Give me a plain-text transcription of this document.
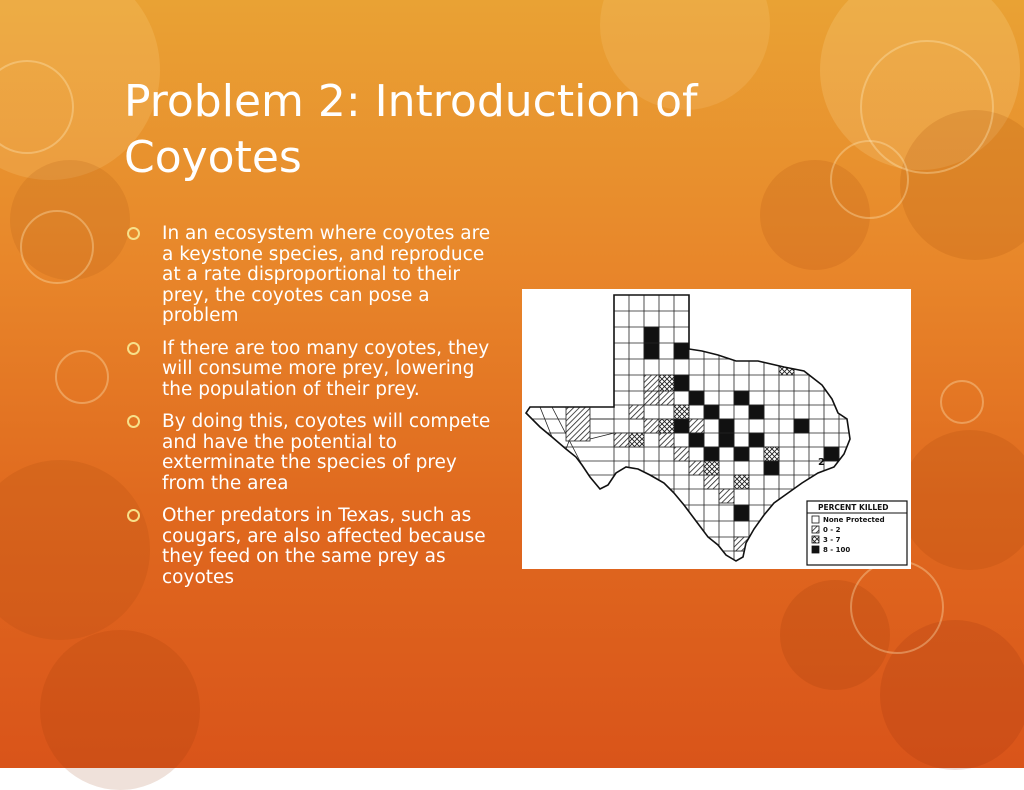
Problem 2: Introduction of Coyotes
In an ecosystem where coyotes are a keystone species, and reproduce at a rate disproportional to their prey, the coyotes can pose a problem
If there are too many coyotes, they will consume more prey, lowering the population of their prey.
By doing this, coyotes will compete and have the potential to exterminate the species of prey from the area
Other predators in Texas, such as cougars, are also affected because they feed on the same prey as coyotes
2
PERCENT KILLED
None Protected
0 - 2
3 - 7
8 - 100
